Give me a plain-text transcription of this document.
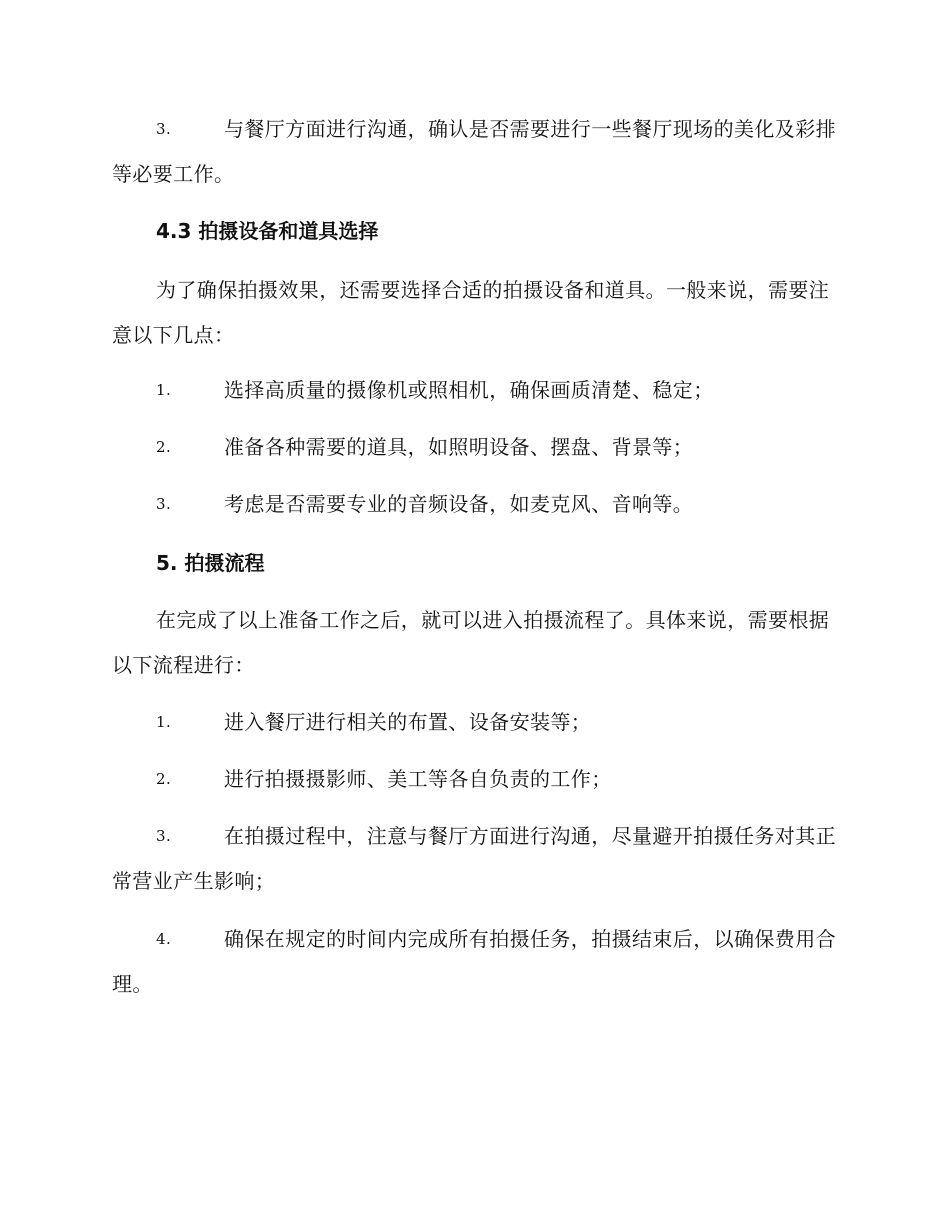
3.	与餐厅方面进行沟通，确认是否需要进行一些餐厅现场的美化及彩排等必要工作。
4.3 拍摄设备和道具选择
为了确保拍摄效果，还需要选择合适的拍摄设备和道具。一般来说，需要注意以下几点：
1.	选择高质量的摄像机或照相机，确保画质清楚、稳定；
2.	准备各种需要的道具，如照明设备、摆盘、背景等；
3.	考虑是否需要专业的音频设备，如麦克风、音响等。
5. 拍摄流程
在完成了以上准备工作之后，就可以进入拍摄流程了。具体来说，需要根据以下流程进行：
1.	进入餐厅进行相关的布置、设备安装等；
2.	进行拍摄摄影师、美工等各自负责的工作；
3.	在拍摄过程中，注意与餐厅方面进行沟通，尽量避开拍摄任务对其正常营业产生影响；
4.	确保在规定的时间内完成所有拍摄任务，拍摄结束后，以确保费用合理。
